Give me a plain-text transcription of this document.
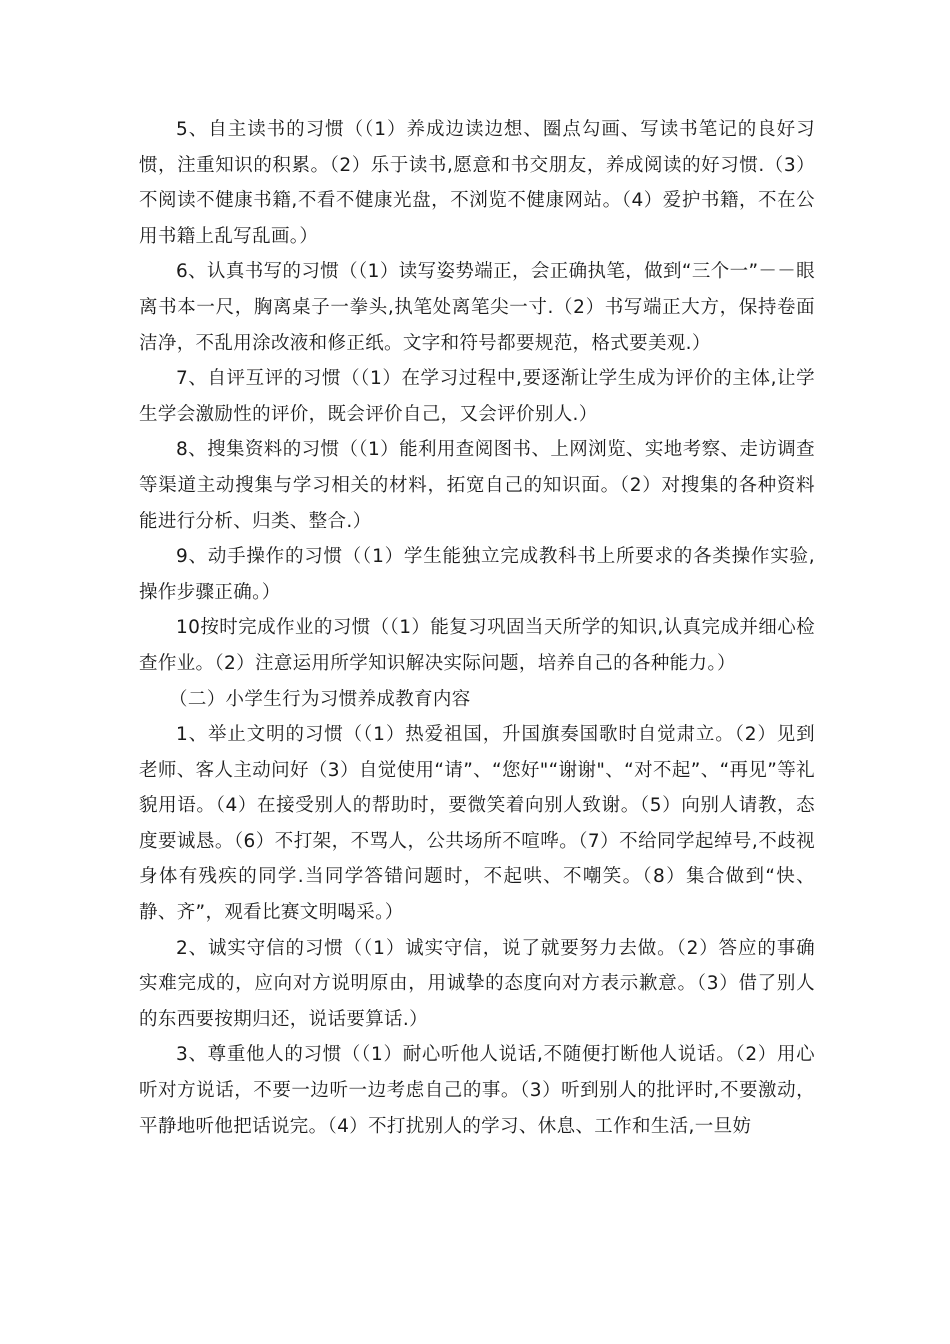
5、自主读书的习惯（（1）养成边读边想、圈点勾画、写读书笔记的良好习惯，注重知识的积累。（2）乐于读书,愿意和书交朋友，养成阅读的好习惯.（3）不阅读不健康书籍,不看不健康光盘，不浏览不健康网站。（4）爱护书籍，不在公用书籍上乱写乱画。）

6、认真书写的习惯（（1）读写姿势端正，会正确执笔，做到“三个一”－－眼离书本一尺，胸离桌子一拳头,执笔处离笔尖一寸.（2）书写端正大方，保持卷面洁净，不乱用涂改液和修正纸。文字和符号都要规范，格式要美观.）

7、自评互评的习惯（（1）在学习过程中,要逐渐让学生成为评价的主体,让学生学会激励性的评价，既会评价自己，又会评价别人.）

8、搜集资料的习惯（（1）能利用查阅图书、上网浏览、实地考察、走访调查等渠道主动搜集与学习相关的材料，拓宽自己的知识面。（2）对搜集的各种资料能进行分析、归类、整合.）

9、动手操作的习惯（（1）学生能独立完成教科书上所要求的各类操作实验,操作步骤正确。）

10按时完成作业的习惯（（1）能复习巩固当天所学的知识,认真完成并细心检查作业。（2）注意运用所学知识解决实际问题，培养自己的各种能力。）

（二）小学生行为习惯养成教育内容

1、举止文明的习惯（（1）热爱祖国，升国旗奏国歌时自觉肃立。（2）见到老师、客人主动问好（3）自觉使用“请”、“您好"“谢谢"、“对不起”、“再见”等礼貌用语。（4）在接受别人的帮助时，要微笑着向别人致谢。（5）向别人请教，态度要诚恳。（6）不打架，不骂人，公共场所不喧哗。（7）不给同学起绰号,不歧视身体有残疾的同学.当同学答错问题时，不起哄、不嘲笑。（8）集合做到“快、静、齐”，观看比赛文明喝采。）

2、诚实守信的习惯（（1）诚实守信，说了就要努力去做。（2）答应的事确实难完成的，应向对方说明原由，用诚挚的态度向对方表示歉意。（3）借了别人的东西要按期归还，说话要算话.）

3、尊重他人的习惯（（1）耐心听他人说话,不随便打断他人说话。（2）用心听对方说话，不要一边听一边考虑自己的事。（3）听到别人的批评时,不要激动，平静地听他把话说完。（4）不打扰别人的学习、休息、工作和生活,一旦妨
